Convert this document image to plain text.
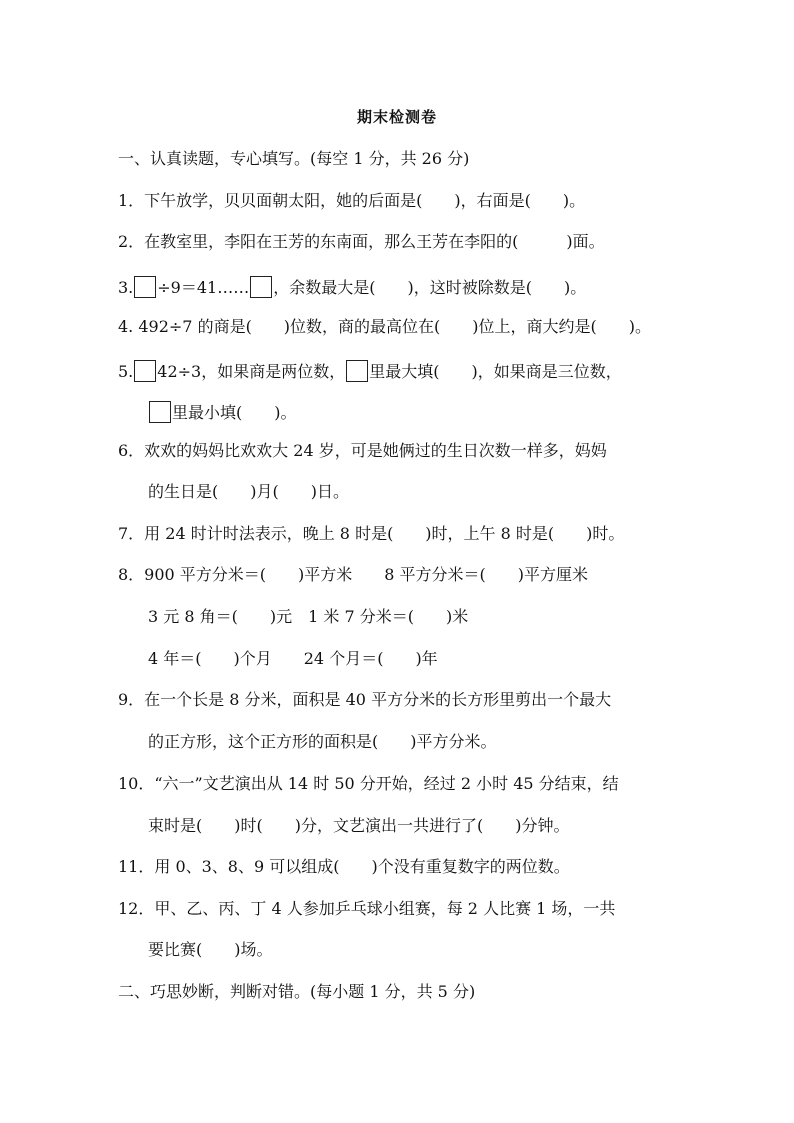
期末检测卷
一、认真读题，专心填写。(每空 1 分，共 26 分)
1．下午放学，贝贝面朝太阳，她的后面是(　　)，右面是(　　)。
2．在教室里，李阳在王芳的东南面，那么王芳在李阳的(　　　)面。
3. ÷9＝41…… ，余数最大是(　　)，这时被除数是(　　)。
4. 492÷7 的商是(　　)位数，商的最高位在(　　)位上，商大约是(　　)。
5. 42÷3，如果商是两位数， 里最大填(　　)，如果商是三位数，
里最小填(　　)。
6．欢欢的妈妈比欢欢大 24 岁，可是她俩过的生日次数一样多，妈妈
的生日是(　　)月(　　)日。
7．用 24 时计时法表示，晚上 8 时是(　　)时，上午 8 时是(　　)时。
8．900 平方分米＝(　　)平方米　　8 平方分米＝(　　)平方厘米
3 元 8 角＝(　　)元　1 米 7 分米＝(　　)米
4 年＝(　　)个月　　24 个月＝(　　)年
9．在一个长是 8 分米，面积是 40 平方分米的长方形里剪出一个最大
的正方形，这个正方形的面积是(　　)平方分米。
10．“六一”文艺演出从 14 时 50 分开始，经过 2 小时 45 分结束，结
束时是(　　)时(　　)分，文艺演出一共进行了(　　)分钟。
11．用 0、3、8、9 可以组成(　　)个没有重复数字的两位数。
12．甲、乙、丙、丁 4 人参加乒乓球小组赛，每 2 人比赛 1 场，一共
要比赛(　　)场。
二、巧思妙断，判断对错。(每小题 1 分，共 5 分)
